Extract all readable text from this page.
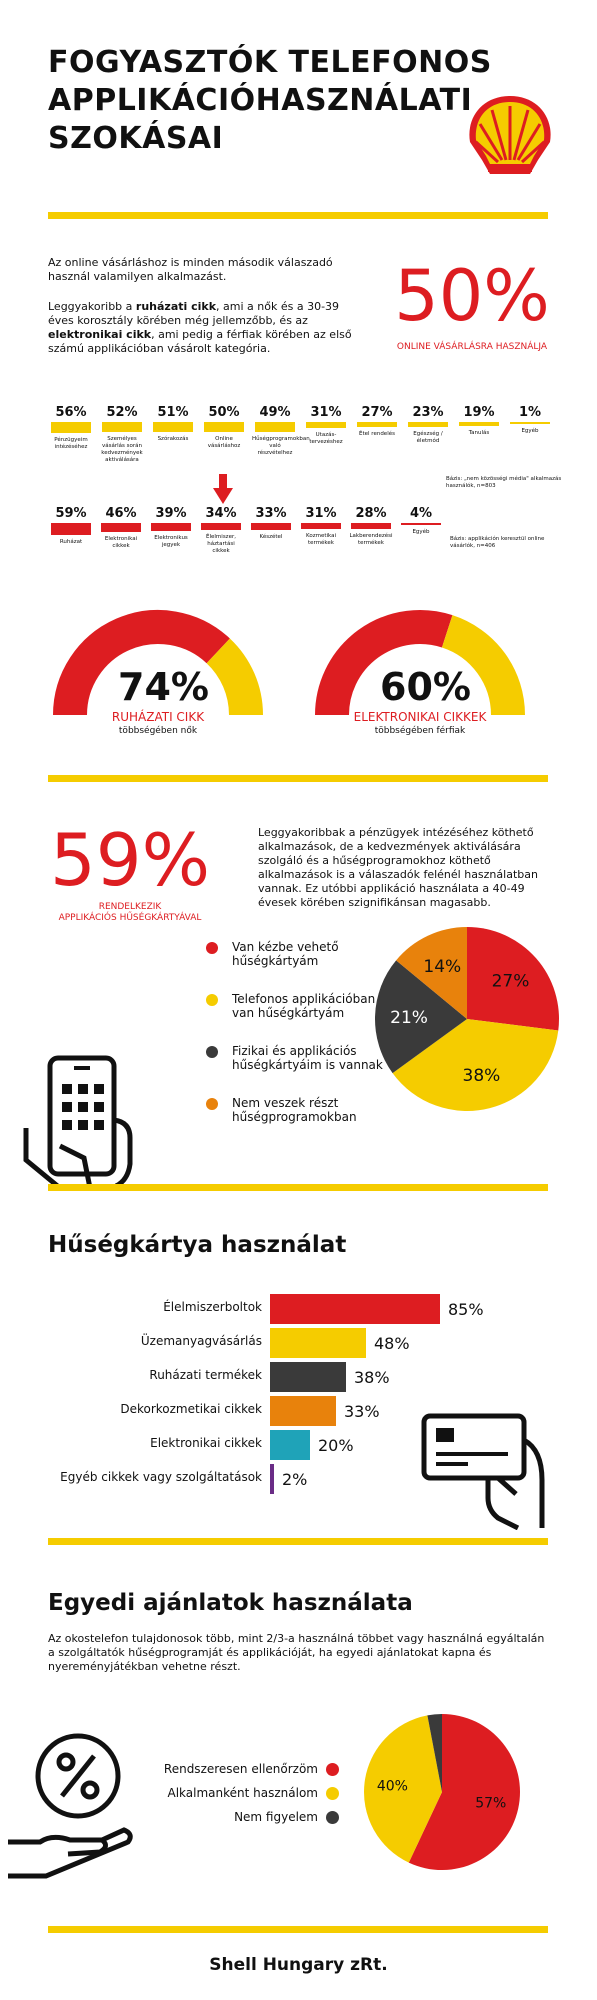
FOGYASZTÓK TELEFONOS
APPLIKÁCIÓHASZNÁLATI
SZOKÁSAI
Az online vásárláshoz is minden második válaszadó használ valamilyen alkalmazást.
Leggyakoribb a ruházati cikk, ami a nők és a 30-39 éves korosztály körében még jellemzőbb, és az elektronikai cikk, ami pedig a férfiak körében az első számú applikációban vásárolt kategória.
50%
ONLINE VÁSÁRLÁSRA HASZNÁLJA
56%
Pénzügyeim intézéséhez
52%
Személyes vásárlás során kedvezmények aktiválására
51%
Szórakozás
50%
Online vásárláshoz
49%
Hűségprogramokban való részvételhez
31%
Utazás-tervezéshez
27%
Étel rendelés
23%
Egészség / életmód
19%
Tanulás
1%
Egyéb
Bázis: „nem közösségi média" alkalmazás használók, n=803
59%
Ruházat
46%
Elektronikai cikkek
39%
Elektronikus jegyek
34%
Élelmiszer, háztartási cikkek
33%
Készétel
31%
Kozmetikai termékek
28%
Lakberendezési termékek
4%
Egyéb
Bázis: applikáción keresztül online vásárlók, n=406
74%
RUHÁZATI CIKK
többségében nők
60%
ELEKTRONIKAI CIKKEK
többségében férfiak
59%
RENDELKEZIK
APPLIKÁCIÓS HŰSÉGKÁRTYÁVAL
Leggyakoribbak a pénzügyek intézéséhez köthető alkalmazások, de a kedvezmények aktiválására szolgáló és a hűségprogramokhoz köthető alkalmazások is a válaszadók felénél használatban vannak. Ez utóbbi applikáció használata a 40-49 évesek körében szignifikánsan magasabb.
Van kézbe vehető
hűségkártyám
Telefonos applikációban
van hűségkártyám
Fizikai és applikációs
hűségkártyáim is vannak
Nem veszek részt
hűségprogramokban
27%
38%
21%
14%
Hűségkártya használat
Élelmiszerboltok	85%
Üzemanyagvásárlás	48%
Ruházati termékek	38%
Dekorkozmetikai cikkek	33%
Elektronikai cikkek	20%
Egyéb cikkek vagy szolgáltatások 2%
Egyedi ajánlatok használata
Az okostelefon tulajdonosok több, mint 2/3-a használná többet vagy használná egyáltalán a szolgáltatók hűségprogramját és applikációját, ha egyedi ajánlatokat kapna és nyereményjátékban vehetne részt.
Rendszeresen ellenőrzöm
Alkalmanként használom
Nem figyelem
57%
40%
Shell Hungary zRt.
